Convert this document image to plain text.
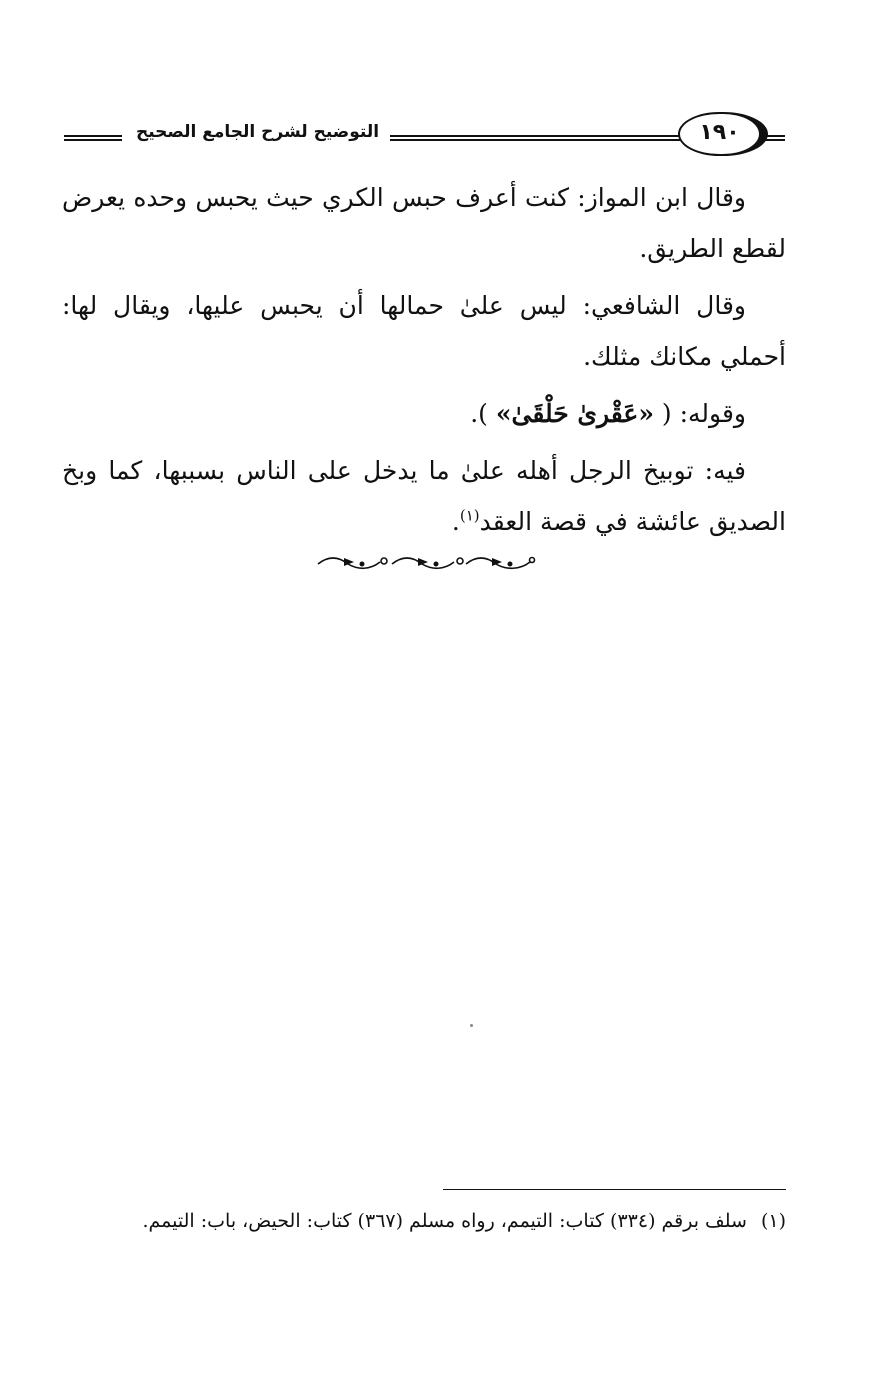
التوضيح لشرح الجامع الصحيح	١٩٠

وقال ابن المواز: كنت أعرف حبس الكري حيث يحبس وحده يعرض لقطع الطريق.

وقال الشافعي: ليس علىٰ حمالها أن يحبس عليها، ويقال لها: أحملي مكانك مثلك.

وقوله: ( «عَقْرىٰ حَلْقَىٰ» ).

فيه: توبيخ الرجل أهله علىٰ ما يدخل على الناس بسببها، كما وبخ الصديق عائشة في قصة العقد$^{(١)}$.

(١)سلف برقم (٣٣٤) كتاب: التيمم، رواه مسلم (٣٦٧) كتاب: الحيض، باب: التيمم.
